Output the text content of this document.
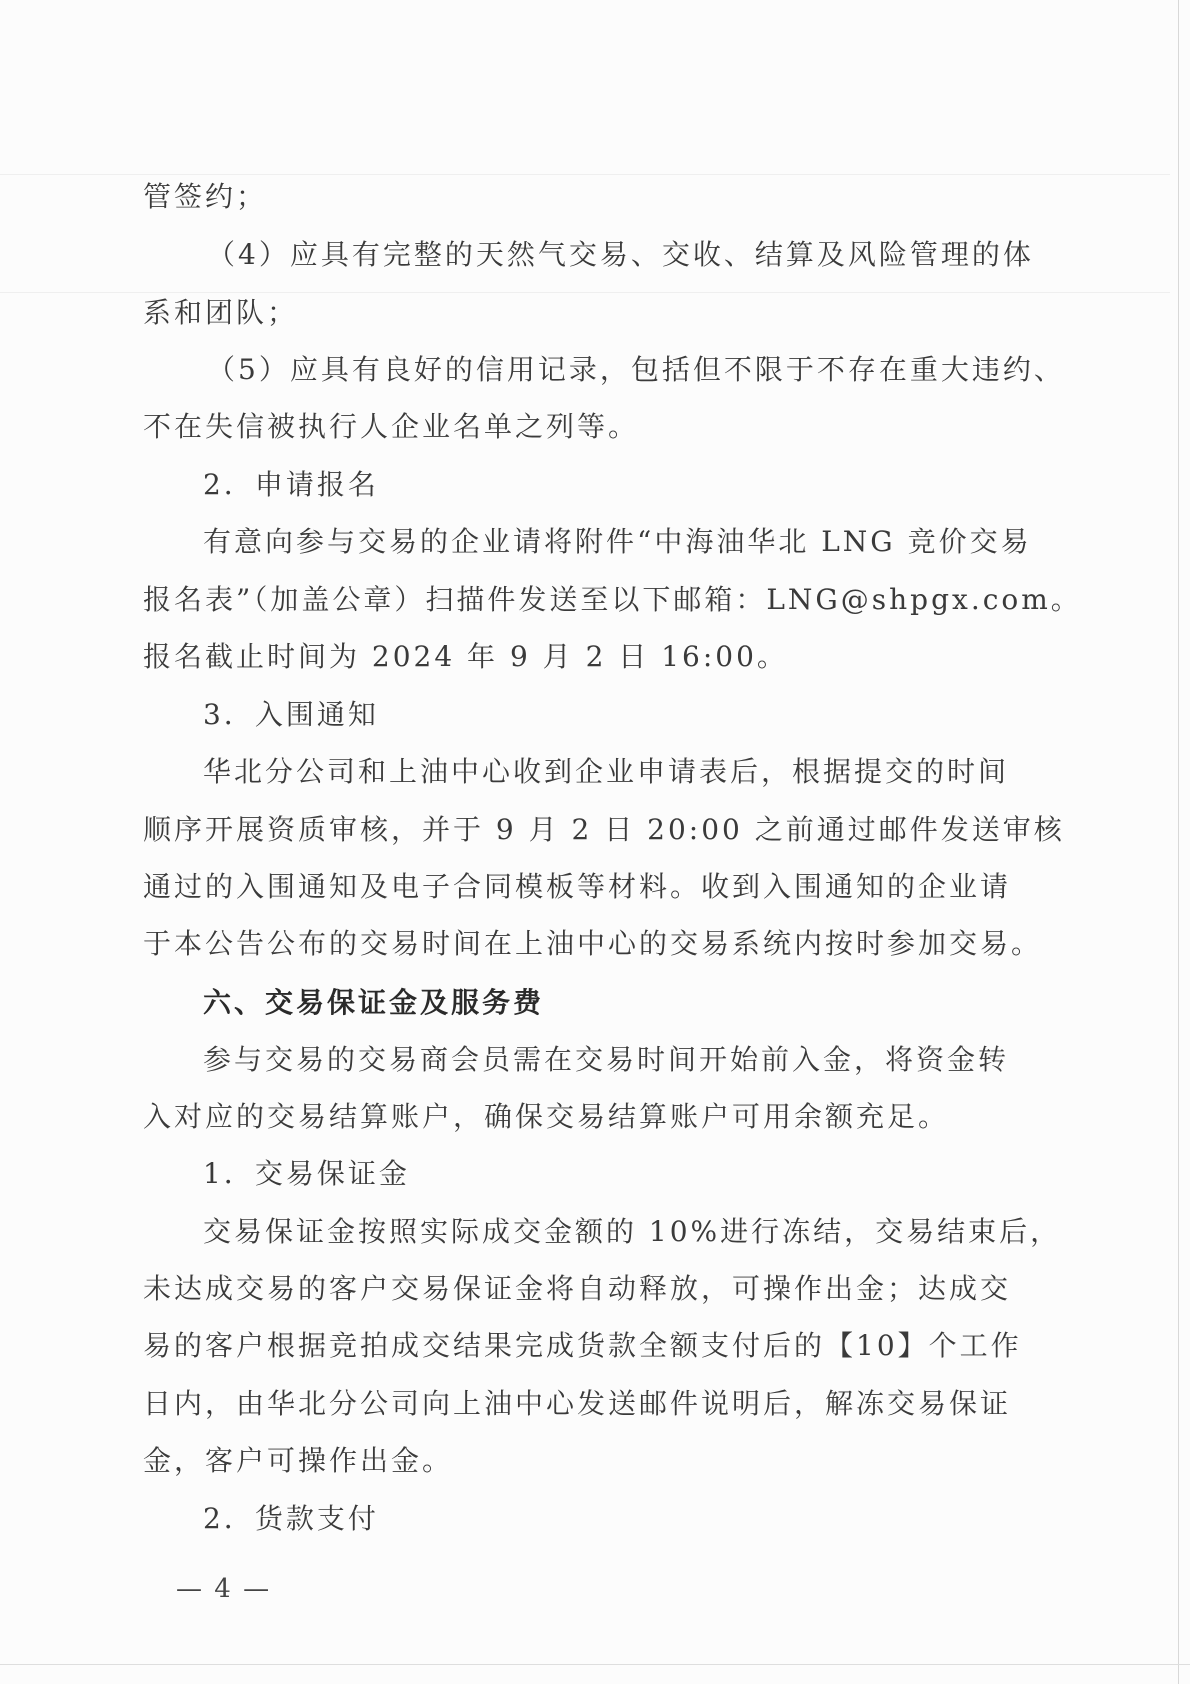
管签约；
（4）应具有完整的天然气交易、交收、结算及风险管理的体
系和团队；
（5）应具有良好的信用记录，包括但不限于不存在重大违约、
不在失信被执行人企业名单之列等。
2．申请报名
有意向参与交易的企业请将附件“中海油华北 LNG 竞价交易
报名表”（加盖公章）扫描件发送至以下邮箱：LNG@shpgx.com。
报名截止时间为 2024 年 9 月 2 日 16:00。
3．入围通知
华北分公司和上油中心收到企业申请表后，根据提交的时间
顺序开展资质审核，并于 9 月 2 日 20:00 之前通过邮件发送审核
通过的入围通知及电子合同模板等材料。收到入围通知的企业请
于本公告公布的交易时间在上油中心的交易系统内按时参加交易。
六、交易保证金及服务费
参与交易的交易商会员需在交易时间开始前入金，将资金转
入对应的交易结算账户，确保交易结算账户可用余额充足。
1．交易保证金
交易保证金按照实际成交金额的 10%进行冻结，交易结束后，
未达成交易的客户交易保证金将自动释放，可操作出金；达成交
易的客户根据竞拍成交结果完成货款全额支付后的【10】个工作
日内，由华北分公司向上油中心发送邮件说明后，解冻交易保证
金，客户可操作出金。
2．货款支付
— 4 —
